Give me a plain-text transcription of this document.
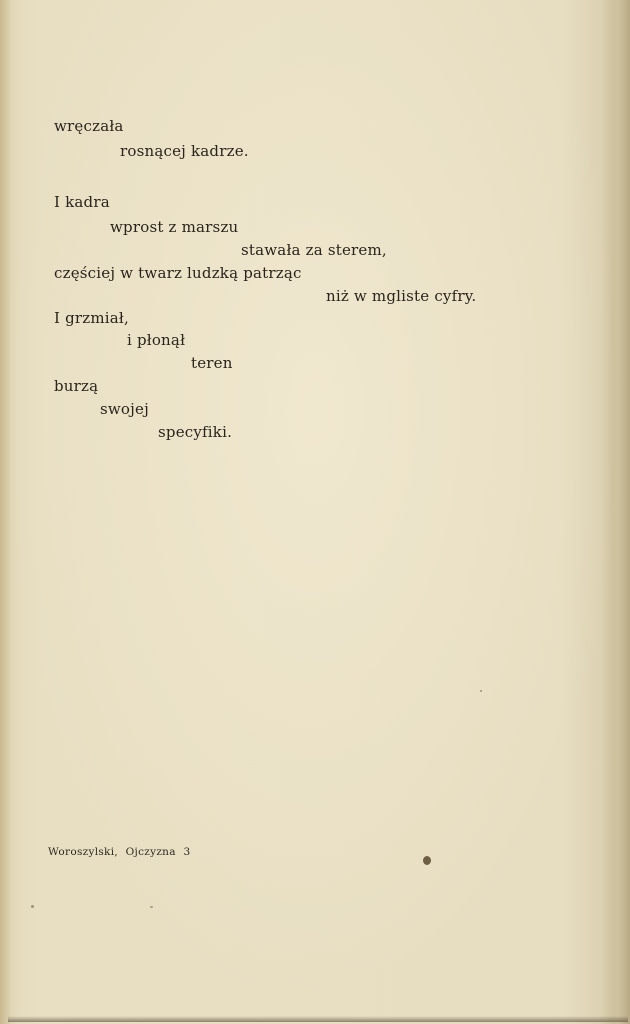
wręczała
rosnącej kadrze.
I kadra
wprost z marszu
stawała za sterem,
częściej w twarz ludzką patrząc
niż w mgliste cyfry.
I grzmiał,
i płonął
teren
burzą
swojej
specyfiki.
Woroszylski, Ojczyzna 3
